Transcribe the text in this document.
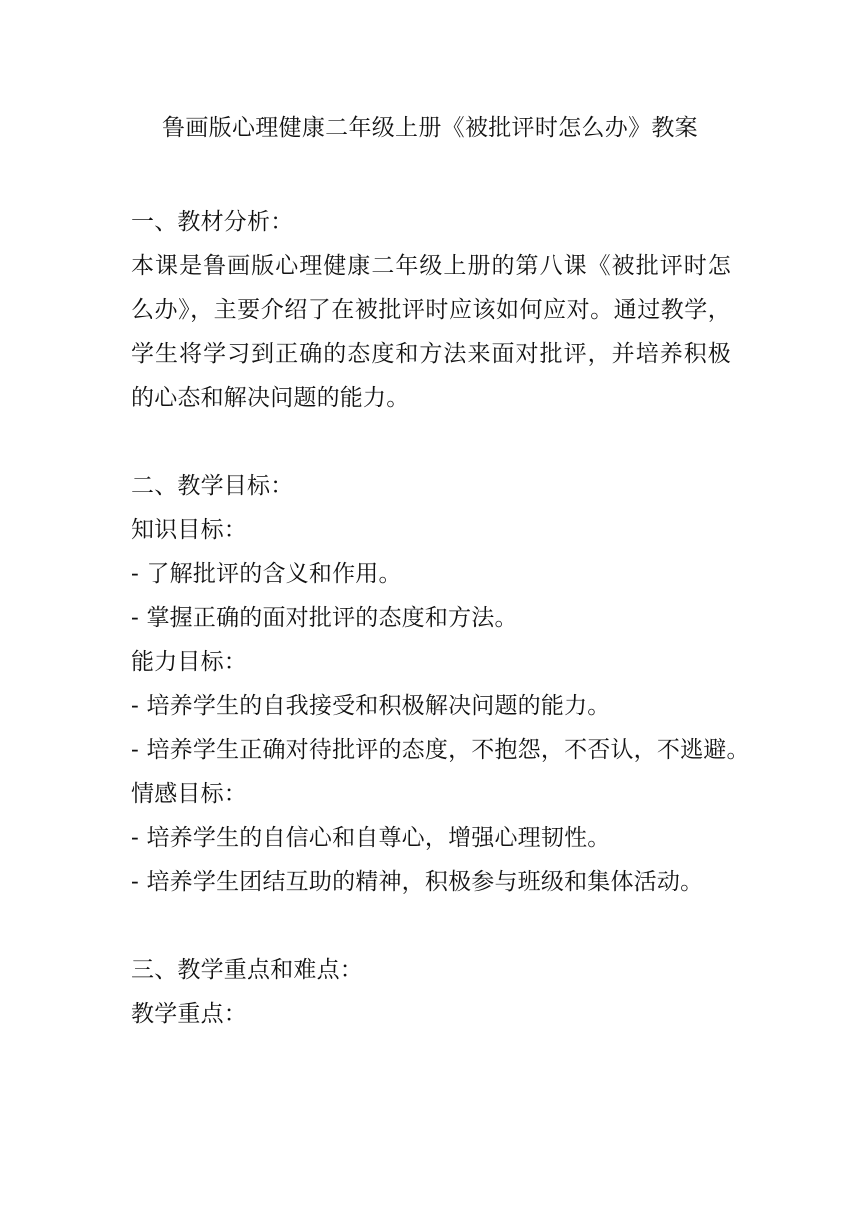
鲁画版心理健康二年级上册《被批评时怎么办》教案

一、教材分析：

本课是鲁画版心理健康二年级上册的第八课《被批评时怎么办》，主要介绍了在被批评时应该如何应对。通过教学，学生将学习到正确的态度和方法来面对批评，并培养积极的心态和解决问题的能力。

二、教学目标：

知识目标：

- 了解批评的含义和作用。

- 掌握正确的面对批评的态度和方法。

能力目标：

- 培养学生的自我接受和积极解决问题的能力。

- 培养学生正确对待批评的态度，不抱怨，不否认，不逃避。

情感目标：

- 培养学生的自信心和自尊心，增强心理韧性。

- 培养学生团结互助的精神，积极参与班级和集体活动。

三、教学重点和难点：

教学重点：
